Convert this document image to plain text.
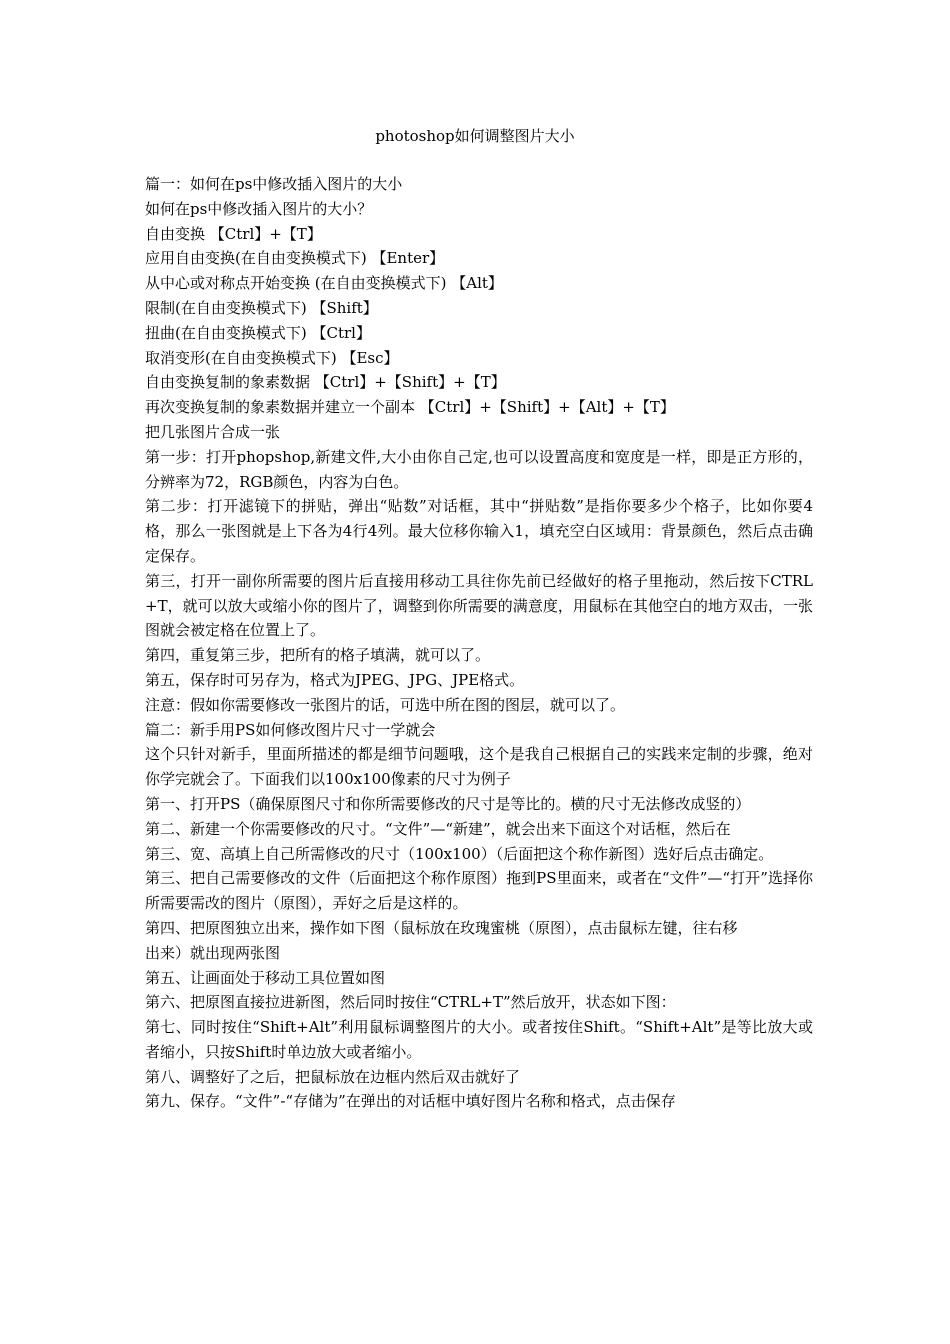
photoshop如何调整图片大小

篇一：如何在ps中修改插入图片的大小

如何在ps中修改插入图片的大小？

自由变换 【Ctrl】+【T】

应用自由变换(在自由变换模式下) 【Enter】

从中心或对称点开始变换 (在自由变换模式下) 【Alt】

限制(在自由变换模式下) 【Shift】

扭曲(在自由变换模式下) 【Ctrl】

取消变形(在自由变换模式下) 【Esc】

自由变换复制的象素数据 【Ctrl】+【Shift】+【T】

再次变换复制的象素数据并建立一个副本 【Ctrl】+【Shift】+【Alt】+【T】

把几张图片合成一张

第一步：打开phopshop,新建文件,大小由你自己定,也可以设置高度和宽度是一样，即是正方形的，分辨率为72，RGB颜色，内容为白色。

第二步：打开滤镜下的拼贴，弹出“贴数”对话框，其中“拼贴数”是指你要多少个格子，比如你要4格，那么一张图就是上下各为4行4列。最大位移你输入1，填充空白区域用：背景颜色，然后点击确定保存。

第三，打开一副你所需要的图片后直接用移动工具往你先前已经做好的格子里拖动，然后按下CTRL+T，就可以放大或缩小你的图片了，调整到你所需要的满意度，用鼠标在其他空白的地方双击，一张图就会被定格在位置上了。

第四，重复第三步，把所有的格子填满，就可以了。

第五，保存时可另存为，格式为JPEG、JPG、JPE格式。

注意：假如你需要修改一张图片的话，可选中所在图的图层，就可以了。

篇二：新手用PS如何修改图片尺寸一学就会

这个只针对新手，里面所描述的都是细节问题哦，这个是我自己根据自己的实践来定制的步骤，绝对你学完就会了。下面我们以100x100像素的尺寸为例子

第一、打开PS（确保原图尺寸和你所需要修改的尺寸是等比的。横的尺寸无法修改成竖的）

第二、新建一个你需要修改的尺寸。“文件”—“新建”，就会出来下面这个对话框，然后在

第三、宽、高填上自己所需修改的尺寸（100x100）（后面把这个称作新图）选好后点击确定。

第三、把自己需要修改的文件（后面把这个称作原图）拖到PS里面来，或者在“文件”—“打开”选择你所需要需改的图片（原图），弄好之后是这样的。

第四、把原图独立出来，操作如下图（鼠标放在玫瑰蜜桃（原图），点击鼠标左键，往右移

出来）就出现两张图

第五、让画面处于移动工具位置如图

第六、把原图直接拉进新图，然后同时按住“CTRL+T”然后放开，状态如下图：

第七、同时按住“Shift+Alt”利用鼠标调整图片的大小。或者按住Shift。“Shift+Alt”是等比放大或者缩小，只按Shift时单边放大或者缩小。

第八、调整好了之后，把鼠标放在边框内然后双击就好了

第九、保存。“文件”-“存储为”在弹出的对话框中填好图片名称和格式，点击保存
